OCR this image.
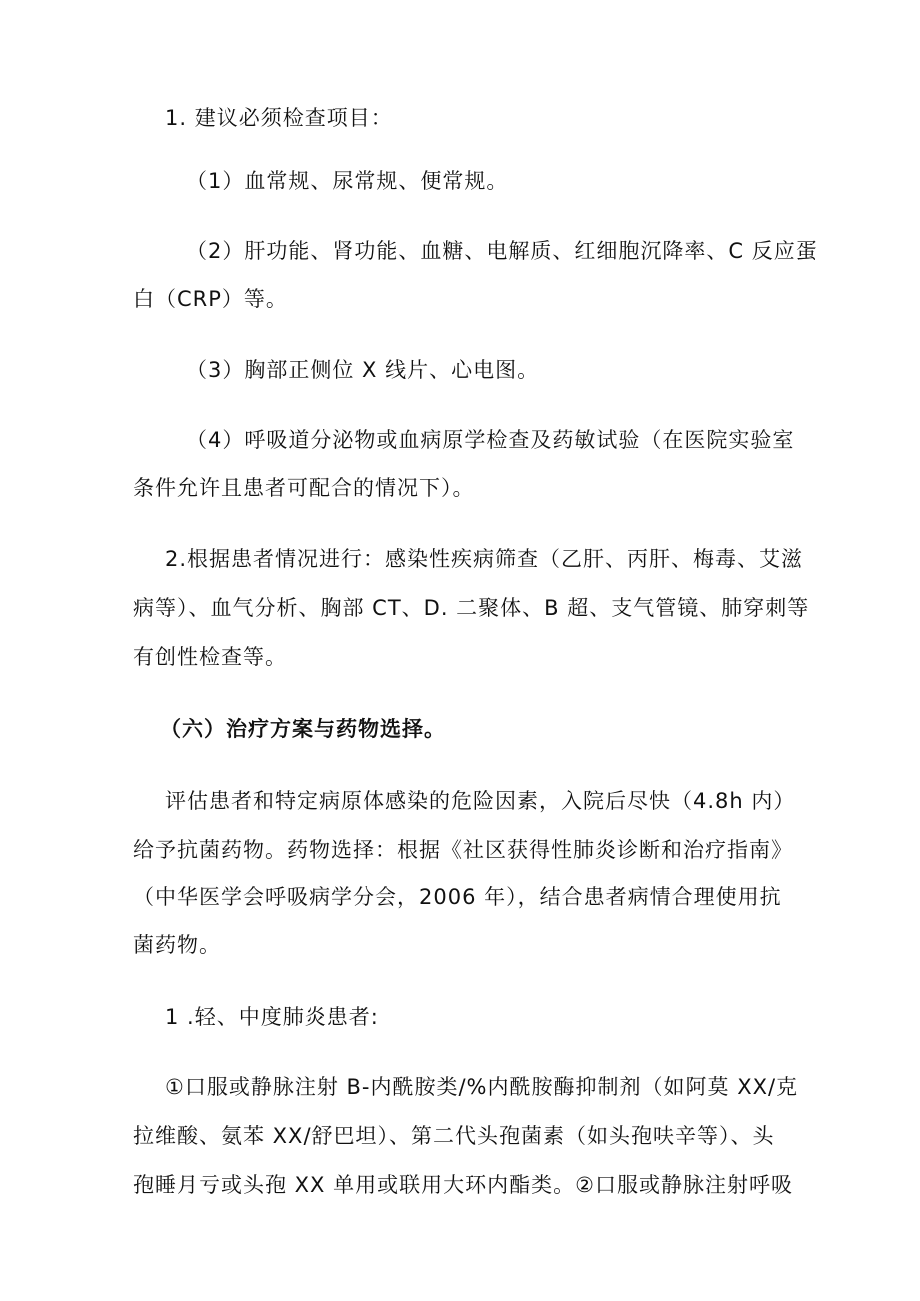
1. 建议必须检查项目：
（1）血常规、尿常规、便常规。
（2）肝功能、肾功能、血糖、电解质、红细胞沉降率、C 反应蛋
白（CRP）等。
（3）胸部正侧位 X 线片、心电图。
（4）呼吸道分泌物或血病原学检查及药敏试验（在医院实验室
条件允许且患者可配合的情况下）。
2.根据患者情况进行：感染性疾病筛查（乙肝、丙肝、梅毒、艾滋
病等）、血气分析、胸部 CT、D. 二聚体、B 超、支气管镜、肺穿刺等
有创性检查等。
（六）治疗方案与药物选择。
评估患者和特定病原体感染的危险因素，入院后尽快（4.8h 内）
给予抗菌药物。药物选择：根据《社区获得性肺炎诊断和治疗指南》
（中华医学会呼吸病学分会，2006 年），结合患者病情合理使用抗
菌药物。
1 .轻、中度肺炎患者:
①口服或静脉注射 B-内酰胺类/%内酰胺酶抑制剂（如阿莫 XX/克
拉维酸、氨苯 XX/舒巴坦）、第二代头孢菌素（如头孢呋辛等）、头
孢睡月亏或头孢 XX 单用或联用大环内酯类。②口服或静脉注射呼吸
